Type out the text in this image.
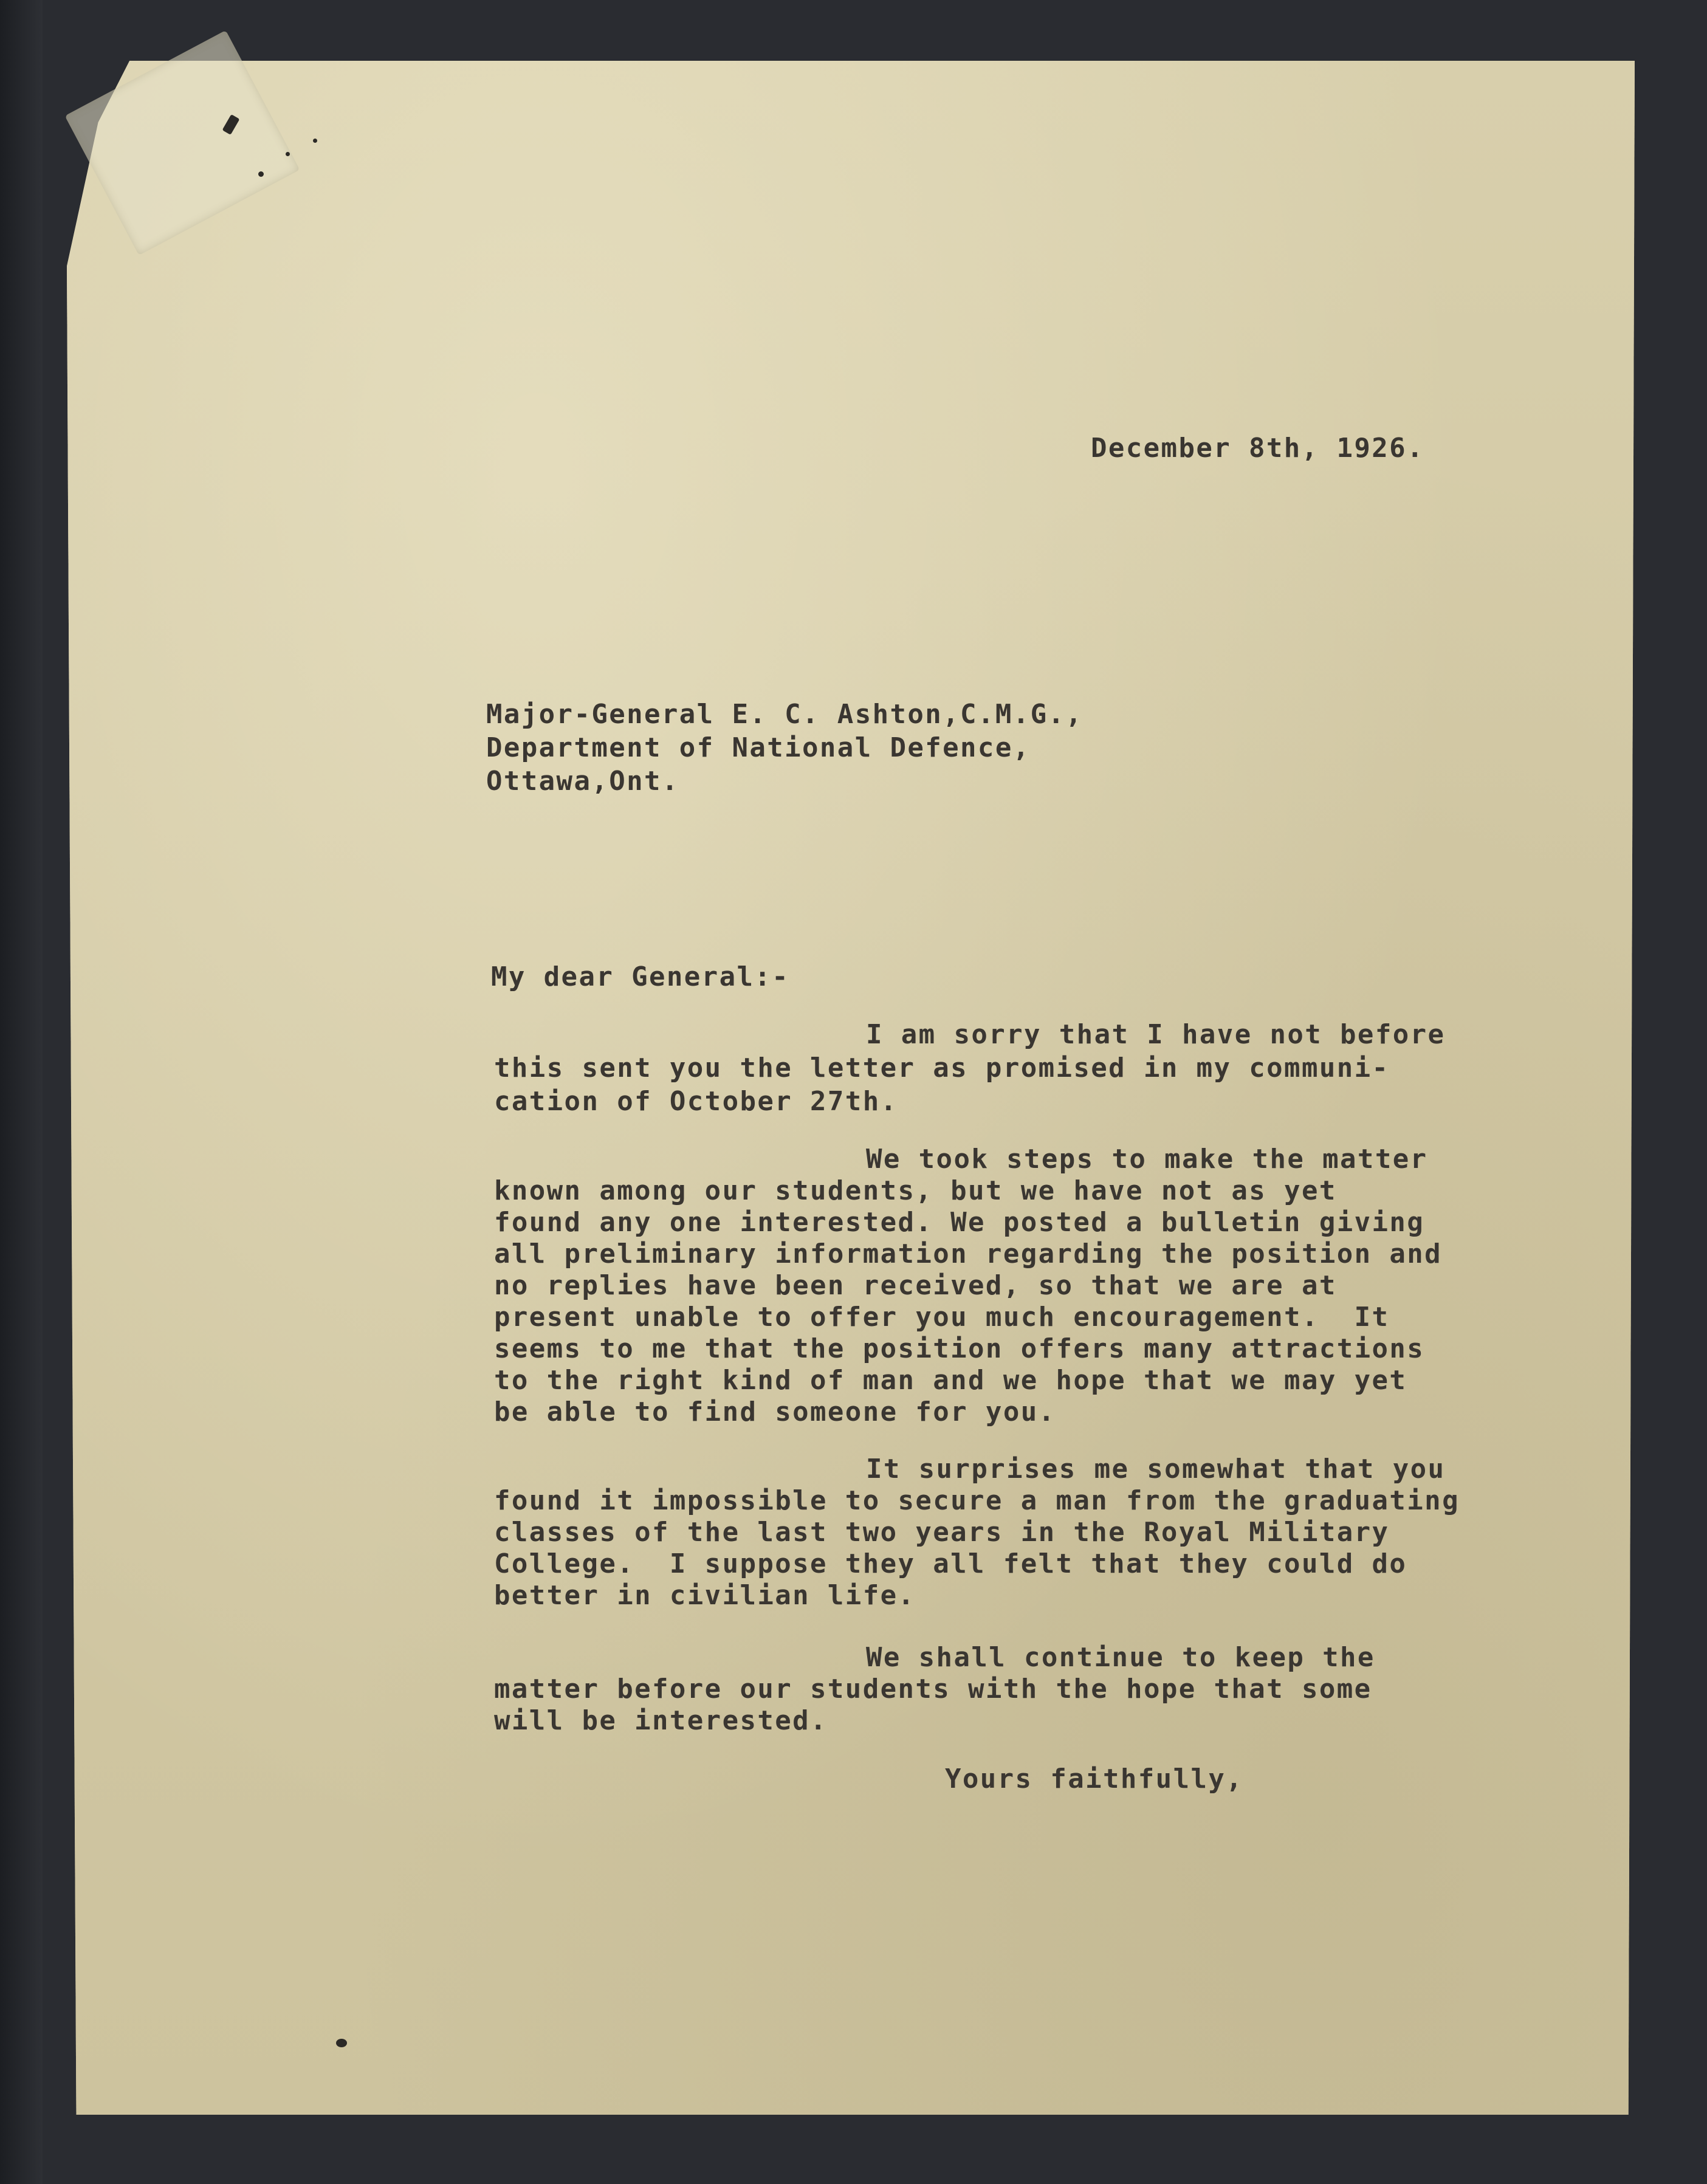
December 8th, 1926.
Major-General E. C. Ashton,C.M.G.,
Department of National Defence,
Ottawa,Ont.
My dear General:-
I am sorry that I have not before
this sent you the letter as promised in my communi-
cation of October 27th.
We took steps to make the matter
known among our students, but we have not as yet
found any one interested. We posted a bulletin giving
all preliminary information regarding the position and
no replies have been received, so that we are at
present unable to offer you much encouragement.  It
seems to me that the position offers many attractions
to the right kind of man and we hope that we may yet
be able to find someone for you.
It surprises me somewhat that you
found it impossible to secure a man from the graduating
classes of the last two years in the Royal Military
College.  I suppose they all felt that they could do
better in civilian life.
We shall continue to keep the
matter before our students with the hope that some
will be interested.
Yours faithfully,
